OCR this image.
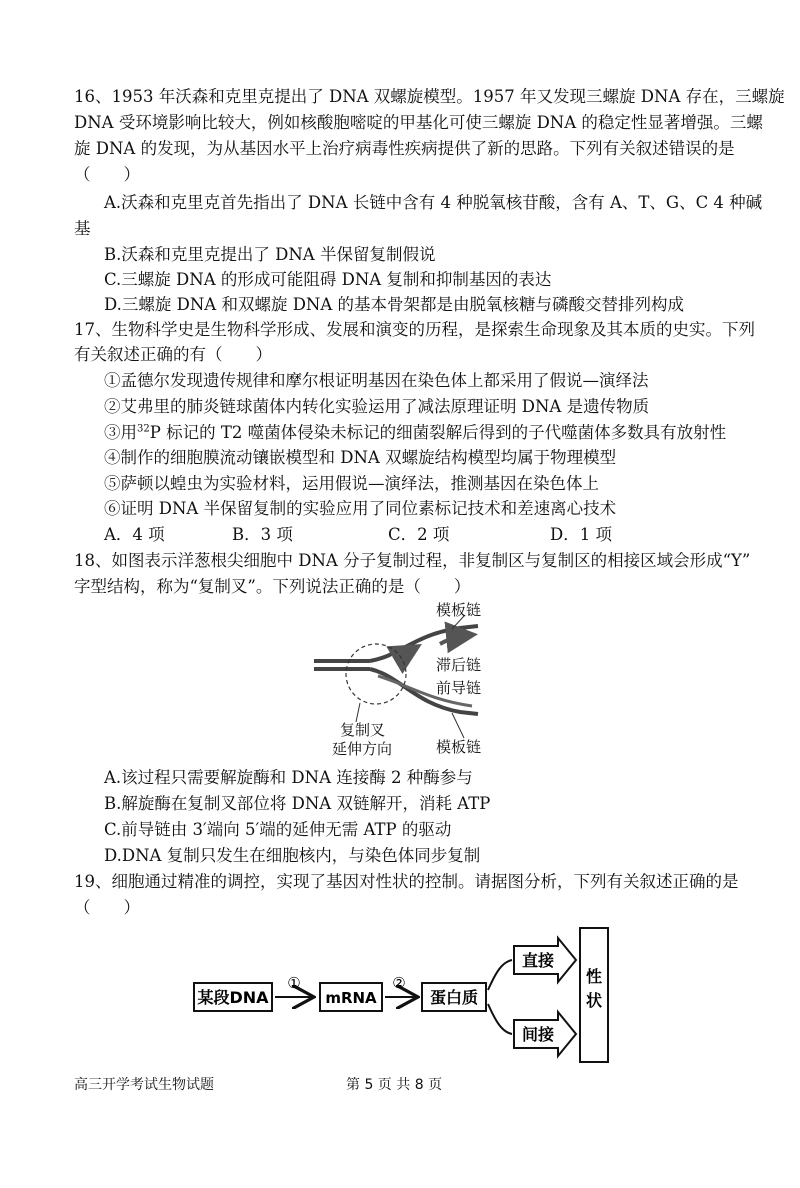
16、1953 年沃森和克里克提出了 DNA 双螺旋模型。1957 年又发现三螺旋 DNA 存在，三螺旋
DNA 受环境影响比较大，例如核酸胞嘧啶的甲基化可使三螺旋 DNA 的稳定性显著增强。三螺
旋 DNA 的发现，为从基因水平上治疗病毒性疾病提供了新的思路。下列有关叙述错误的是
（　　）
A.沃森和克里克首先指出了 DNA 长链中含有 4 种脱氧核苷酸，含有 A、T、G、C 4 种碱
基
B.沃森和克里克提出了 DNA 半保留复制假说
C.三螺旋 DNA 的形成可能阻碍 DNA 复制和抑制基因的表达
D.三螺旋 DNA 和双螺旋 DNA 的基本骨架都是由脱氧核糖与磷酸交替排列构成
17、生物科学史是生物科学形成、发展和演变的历程，是探索生命现象及其本质的史实。下列
有关叙述正确的有（　　）
①孟德尔发现遗传规律和摩尔根证明基因在染色体上都采用了假说—演绎法
②艾弗里的肺炎链球菌体内转化实验运用了减法原理证明 DNA 是遗传物质
③用$^{32}$P 标记的 T2 噬菌体侵染未标记的细菌裂解后得到的子代噬菌体多数具有放射性
④制作的细胞膜流动镶嵌模型和 DNA 双螺旋结构模型均属于物理模型
⑤萨顿以蝗虫为实验材料，运用假说—演绎法，推测基因在染色体上
⑥证明 DNA 半保留复制的实验应用了同位素标记技术和差速离心技术
A．4 项	B．3 项	C．2 项	D．1 项
18、如图表示洋葱根尖细胞中 DNA 分子复制过程，非复制区与复制区的相接区域会形成“Y”
字型结构，称为“复制叉”。下列说法正确的是（　　）
模板链
滞后链
前导链
模板链
复制叉
延伸方向
A.该过程只需要解旋酶和 DNA 连接酶 2 种酶参与
B.解旋酶在复制叉部位将 DNA 双链解开，消耗 ATP
C.前导链由 3′端向 5′端的延伸无需 ATP 的驱动
D.DNA 复制只发生在细胞核内，与染色体同步复制
19、细胞通过精准的调控，实现了基因对性状的控制。请据图分析，下列有关叙述正确的是
（　　）
某段DNA
①
mRNA
②
蛋白质
直接
间接
性
状
高三开学考试生物试题	第 5 页 共 8 页
